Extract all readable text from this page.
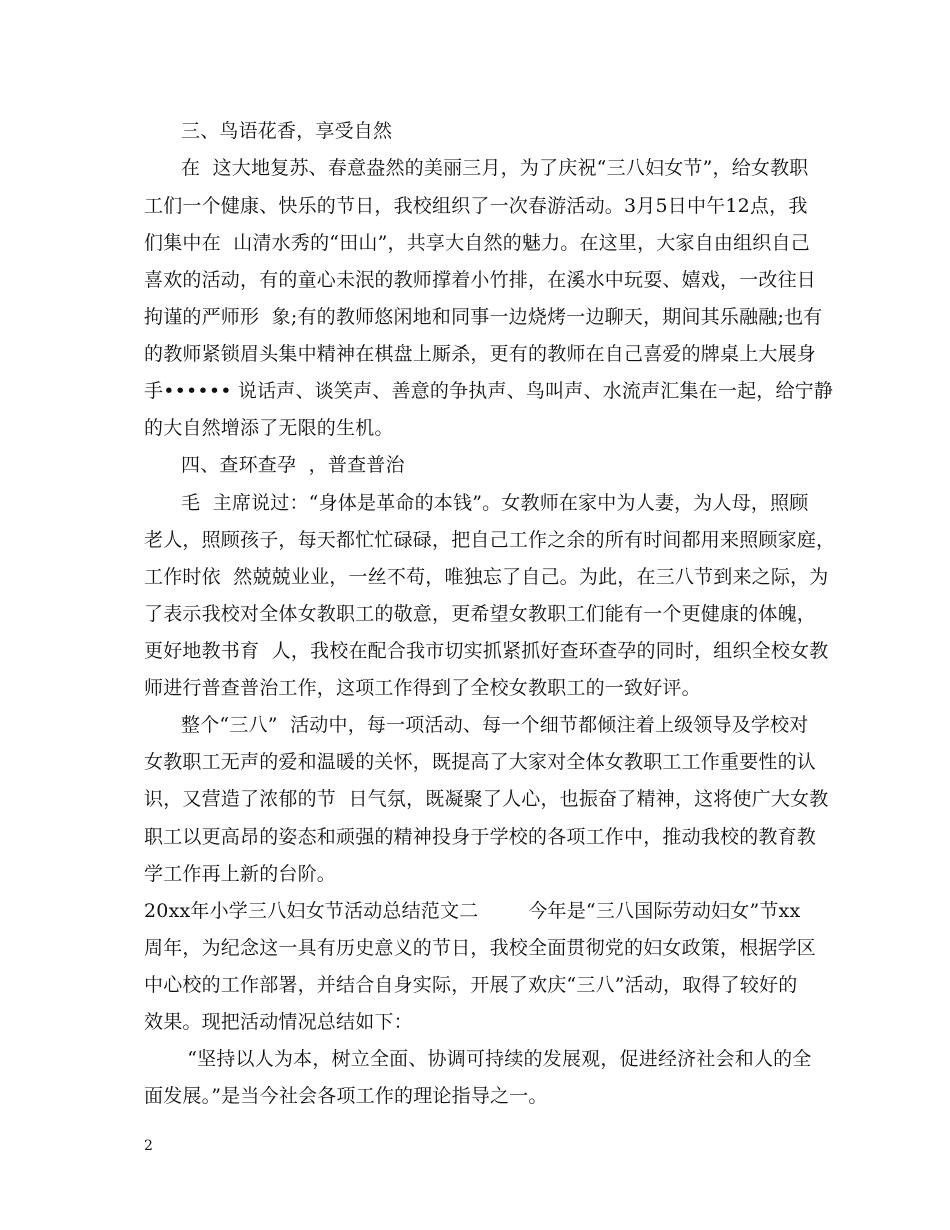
三、鸟语花香，享受自然
在  这大地复苏、春意盎然的美丽三月，为了庆祝“三八妇女节”，给女教职
工们一个健康、快乐的节日，我校组织了一次春游活动。3月5日中午12点，我
们集中在  山清水秀的“田山”，共享大自然的魅力。在这里，大家自由组织自己
喜欢的活动，有的童心未泯的教师撑着小竹排，在溪水中玩耍、嬉戏，一改往日
拘谨的严师形  象;有的教师悠闲地和同事一边烧烤一边聊天，期间其乐融融;也有
的教师紧锁眉头集中精神在棋盘上厮杀，更有的教师在自己喜爱的牌桌上大展身
手•••••• 说话声、谈笑声、善意的争执声、鸟叫声、水流声汇集在一起，给宁静
的大自然增添了无限的生机。
四、查环查孕  ，普查普治
毛  主席说过：“身体是革命的本钱”。女教师在家中为人妻，为人母，照顾
老人，照顾孩子，每天都忙忙碌碌，把自己工作之余的所有时间都用来照顾家庭，
工作时依  然兢兢业业，一丝不苟，唯独忘了自己。为此，在三八节到来之际，为
了表示我校对全体女教职工的敬意，更希望女教职工们能有一个更健康的体魄，
更好地教书育  人，我校在配合我市切实抓紧抓好查环查孕的同时，组织全校女教
师进行普查普治工作，这项工作得到了全校女教职工的一致好评。
整个“三八”  活动中，每一项活动、每一个细节都倾注着上级领导及学校对
女教职工无声的爱和温暖的关怀，既提高了大家对全体女教职工工作重要性的认
识，又营造了浓郁的节  日气氛，既凝聚了人心，也振奋了精神，这将使广大女教
职工以更高昂的姿态和顽强的精神投身于学校的各项工作中，推动我校的教育教
学工作再上新的台阶。
20xx年小学三八妇女节活动总结范文二        今年是“三八国际劳动妇女”节xx
周年，为纪念这一具有历史意义的节日，我校全面贯彻党的妇女政策，根据学区
中心校的工作部署，并结合自身实际，开展了欢庆“三八”活动，取得了较好的
效果。现把活动情况总结如下：
“坚持以人为本，树立全面、协调可持续的发展观，促进经济社会和人的全
面发展。”是当今社会各项工作的理论指导之一。
2
